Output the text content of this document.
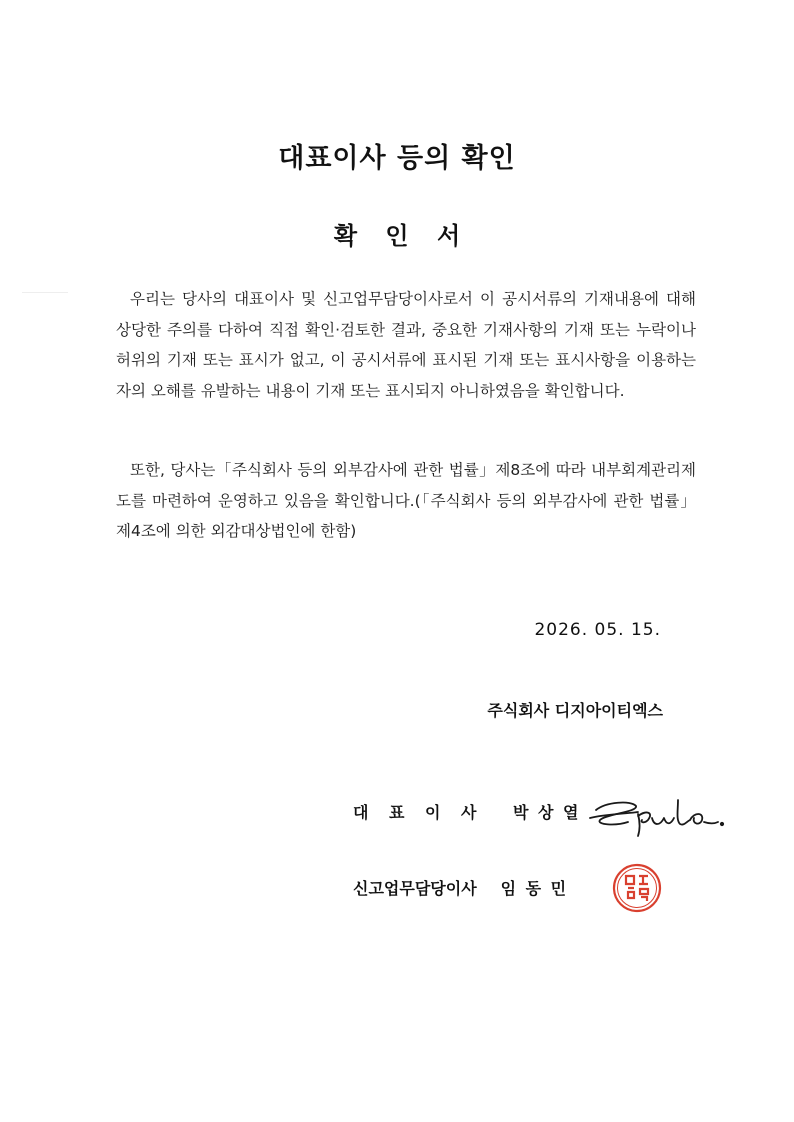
대표이사 등의 확인
확 인 서
우리는 당사의 대표이사 및 신고업무담당이사로서 이 공시서류의 기재내용에 대해 상당한 주의를 다하여 직접 확인·검토한 결과, 중요한 기재사항의 기재 또는 누락이나 허위의 기재 또는 표시가 없고, 이 공시서류에 표시된 기재 또는 표시사항을 이용하는 자의 오해를 유발하는 내용이 기재 또는 표시되지 아니하였음을 확인합니다.
또한, 당사는「주식회사 등의 외부감사에 관한 법률」제8조에 따라 내부회계관리제도를 마련하여 운영하고 있음을 확인합니다.(「주식회사 등의 외부감사에 관한 법률」제4조에 의한 외감대상법인에 한함)
2026. 05. 15.
주식회사 디지아이티엑스
대 표 이 사 박 상 열
신고업무담당이사 임 동 민
